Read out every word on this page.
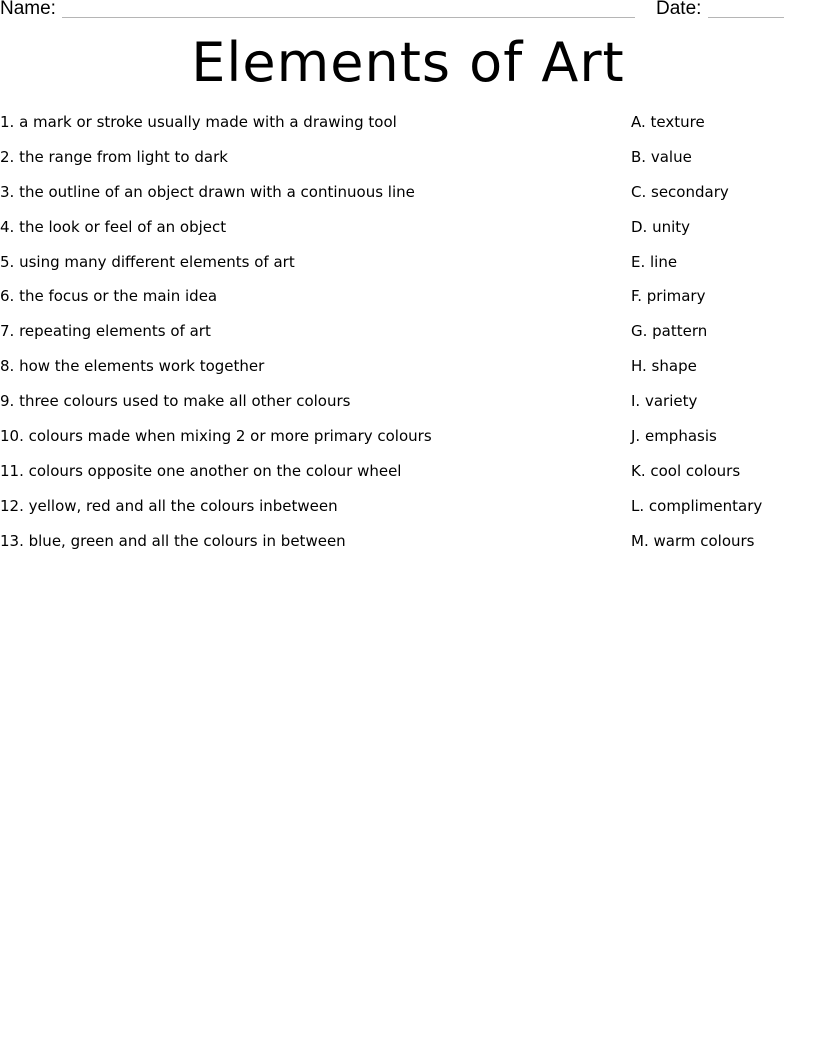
Name:	Date:
Elements of Art
1. a mark or stroke usually made with a drawing tool
2. the range from light to dark
3. the outline of an object drawn with a continuous line
4. the look or feel of an object
5. using many different elements of art
6. the focus or the main idea
7. repeating elements of art
8. how the elements work together
9. three colours used to make all other colours
10. colours made when mixing 2 or more primary colours
11. colours opposite one another on the colour wheel
12. yellow, red and all the colours inbetween
13. blue, green and all the colours in between
A. texture
B. value
C. secondary
D. unity
E. line
F. primary
G. pattern
H. shape
I. variety
J. emphasis
K. cool colours
L. complimentary
M. warm colours
